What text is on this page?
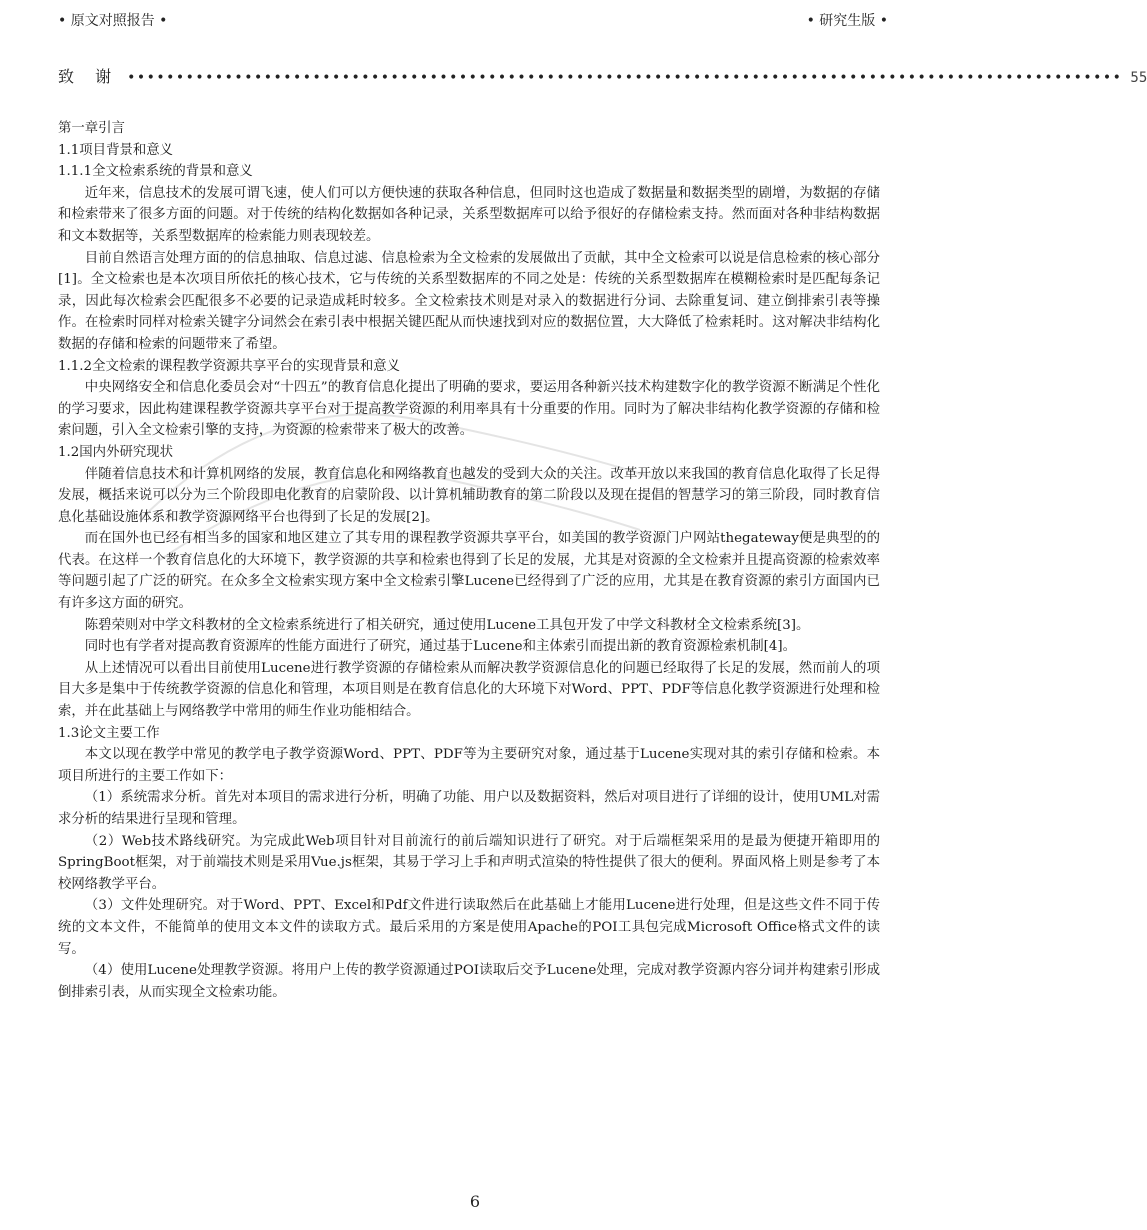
• 原文对照报告 •	• 研究生版 •
致 谢 •••••••••••••••••••••••••••••••••••••••••••••••••••••••••••••••••••••••••••••••••••••••••••••••••••••• 55

第一章引言

1.1项目背景和意义

1.1.1全文检索系统的背景和意义

近年来，信息技术的发展可谓飞速，使人们可以方便快速的获取各种信息，但同时这也造成了数据量和数据类型的剧增，为数据的存储和检索带来了很多方面的问题。对于传统的结构化数据如各种记录，关系型数据库可以给予很好的存储检索支持。然而面对各种非结构数据和文本数据等，关系型数据库的检索能力则表现较差。

目前自然语言处理方面的的信息抽取、信息过滤、信息检索为全文检索的发展做出了贡献，其中全文检索可以说是信息检索的核心部分[1]。全文检索也是本次项目所依托的核心技术，它与传统的关系型数据库的不同之处是：传统的关系型数据库在模糊检索时是匹配每条记录，因此每次检索会匹配很多不必要的记录造成耗时较多。全文检索技术则是对录入的数据进行分词、去除重复词、建立倒排索引表等操作。在检索时同样对检索关键字分词然会在索引表中根据关键匹配从而快速找到对应的数据位置，大大降低了检索耗时。这对解决非结构化数据的存储和检索的问题带来了希望。

1.1.2全文检索的课程教学资源共享平台的实现背景和意义

中央网络安全和信息化委员会对“十四五”的教育信息化提出了明确的要求，要运用各种新兴技术构建数字化的教学资源不断满足个性化的学习要求，因此构建课程教学资源共享平台对于提高教学资源的利用率具有十分重要的作用。同时为了解决非结构化教学资源的存储和检索问题，引入全文检索引擎的支持，为资源的检索带来了极大的改善。

1.2国内外研究现状

伴随着信息技术和计算机网络的发展，教育信息化和网络教育也越发的受到大众的关注。改革开放以来我国的教育信息化取得了长足得发展，概括来说可以分为三个阶段即电化教育的启蒙阶段、以计算机辅助教育的第二阶段以及现在提倡的智慧学习的第三阶段，同时教育信息化基础设施体系和教学资源网络平台也得到了长足的发展[2]。

而在国外也已经有相当多的国家和地区建立了其专用的课程教学资源共享平台，如美国的教学资源门户网站thegateway便是典型的的代表。在这样一个教育信息化的大环境下，教学资源的共享和检索也得到了长足的发展，尤其是对资源的全文检索并且提高资源的检索效率等问题引起了广泛的研究。在众多全文检索实现方案中全文检索引擎Lucene已经得到了广泛的应用，尤其是在教育资源的索引方面国内已有许多这方面的研究。

陈碧荣则对中学文科教材的全文检索系统进行了相关研究，通过使用Lucene工具包开发了中学文科教材全文检索系统[3]。

同时也有学者对提高教育资源库的性能方面进行了研究，通过基于Lucene和主体索引而提出新的教育资源检索机制[4]。

从上述情况可以看出目前使用Lucene进行教学资源的存储检索从而解决教学资源信息化的问题已经取得了长足的发展，然而前人的项目大多是集中于传统教学资源的信息化和管理，本项目则是在教育信息化的大环境下对Word、PPT、PDF等信息化教学资源进行处理和检索，并在此基础上与网络教学中常用的师生作业功能相结合。

1.3论文主要工作

本文以现在教学中常见的教学电子教学资源Word、PPT、PDF等为主要研究对象，通过基于Lucene实现对其的索引存储和检索。本项目所进行的主要工作如下：

（1）系统需求分析。首先对本项目的需求进行分析，明确了功能、用户以及数据资料，然后对项目进行了详细的设计，使用UML对需求分析的结果进行呈现和管理。

（2）Web技术路线研究。为完成此Web项目针对目前流行的前后端知识进行了研究。对于后端框架采用的是最为便捷开箱即用的SpringBoot框架，对于前端技术则是采用Vue.js框架，其易于学习上手和声明式渲染的特性提供了很大的便利。界面风格上则是参考了本校网络教学平台。

（3）文件处理研究。对于Word、PPT、Excel和Pdf文件进行读取然后在此基础上才能用Lucene进行处理，但是这些文件不同于传统的文本文件，不能简单的使用文本文件的读取方式。最后采用的方案是使用Apache的POI工具包完成Microsoft Office格式文件的读写。

（4）使用Lucene处理教学资源。将用户上传的教学资源通过POI读取后交予Lucene处理，完成对教学资源内容分词并构建索引形成倒排索引表，从而实现全文检索功能。

6
